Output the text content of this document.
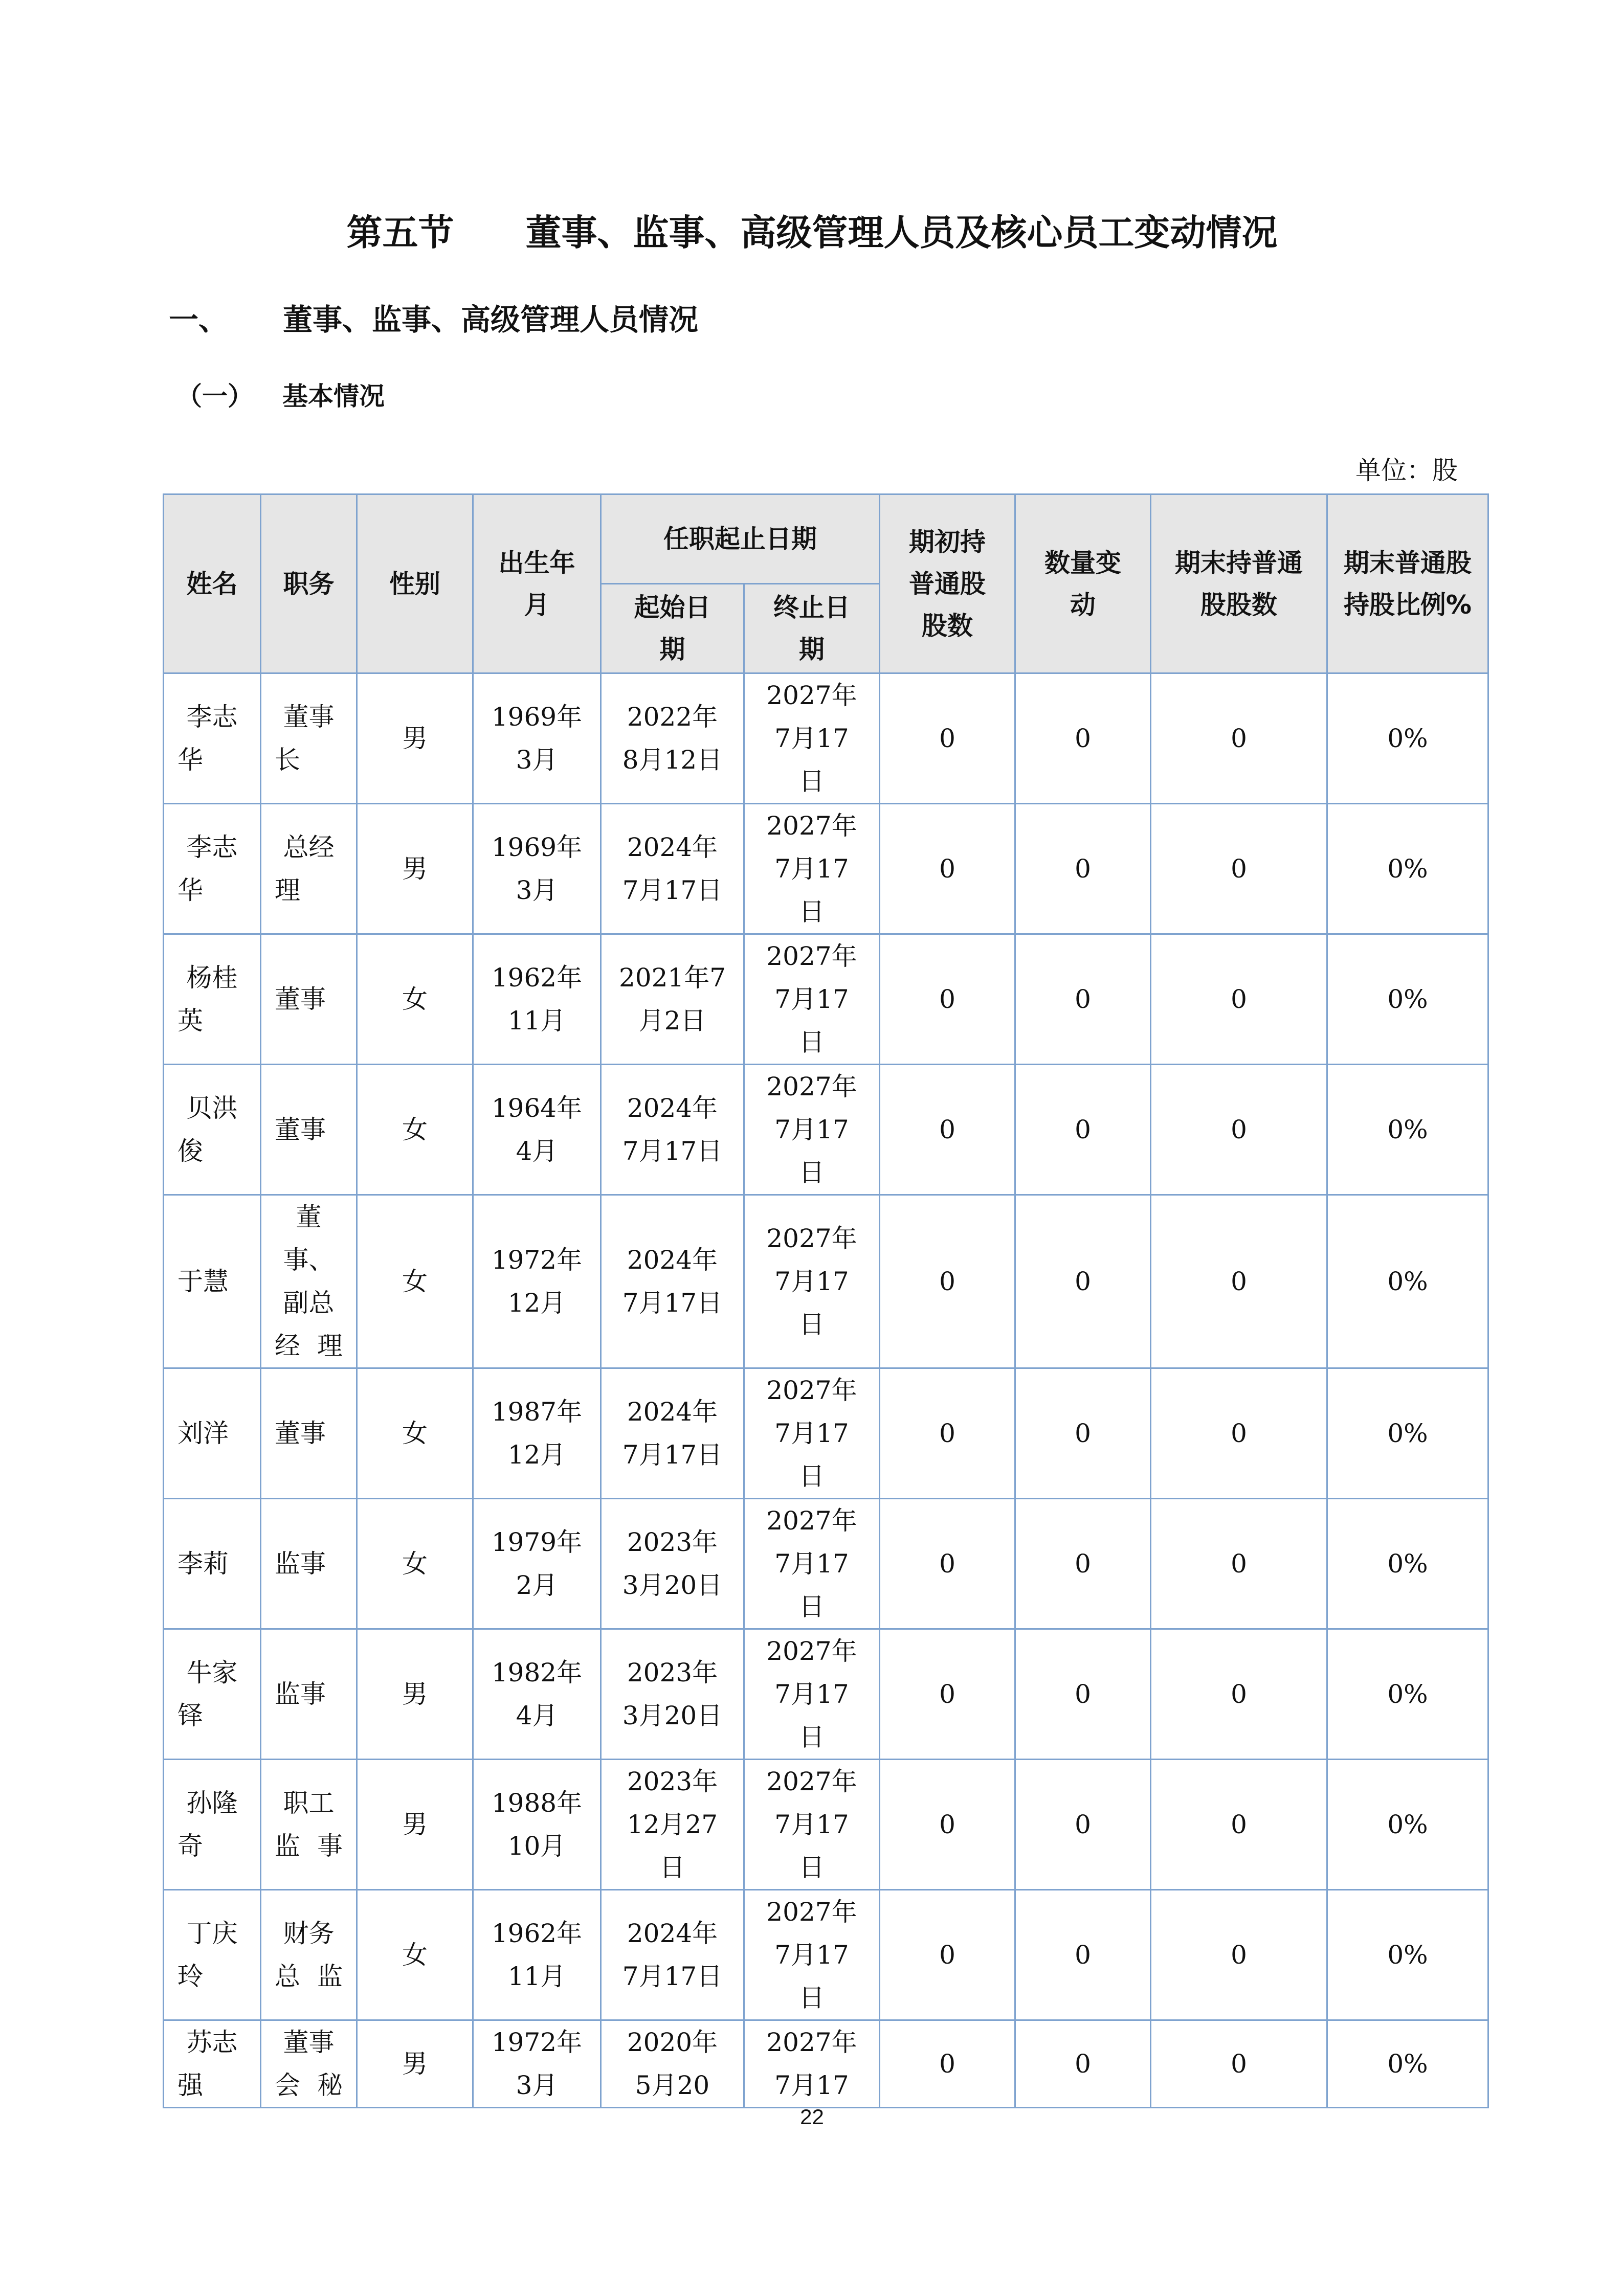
第五节　　董事、监事、高级管理人员及核心员工变动情况
一、 董事、监事、高级管理人员情况
（一） 基本情况
单位：股
姓名	职务	性别	出生年月	任职起止日期		期初持普通股股数	数量变动	期末持普通股股数	期末普通股持股比例%
				起始日期	终止日期				
李志华	董事长	男	1969年3月	2022年8月12日	2027年7月17日	0	0	0	0%
李志华	总经理	男	1969年3月	2024年7月17日	2027年7月17日	0	0	0	0%
杨桂英	董事	女	1962年11月	2021年7月2日	2027年7月17日	0	0	0	0%
贝洪俊	董事	女	1964年4月	2024年7月17日	2027年7月17日	0	0	0	0%
于慧	董事、副总经理	女	1972年12月	2024年7月17日	2027年7月17日	0	0	0	0%
刘洋	董事	女	1987年12月	2024年7月17日	2027年7月17日	0	0	0	0%
李莉	监事	女	1979年2月	2023年3月20日	2027年7月17日	0	0	0	0%
牛家铎	监事	男	1982年4月	2023年3月20日	2027年7月17日	0	0	0	0%
孙隆奇	职工监事	男	1988年10月	2023年12月27日	2027年7月17日	0	0	0	0%
丁庆玲	财务总监	女	1962年11月	2024年7月17日	2027年7月17日	0	0	0	0%
苏志强	董事会秘	男	1972年3月	2020年5月20	2027年7月17	0	0	0	0%
22
